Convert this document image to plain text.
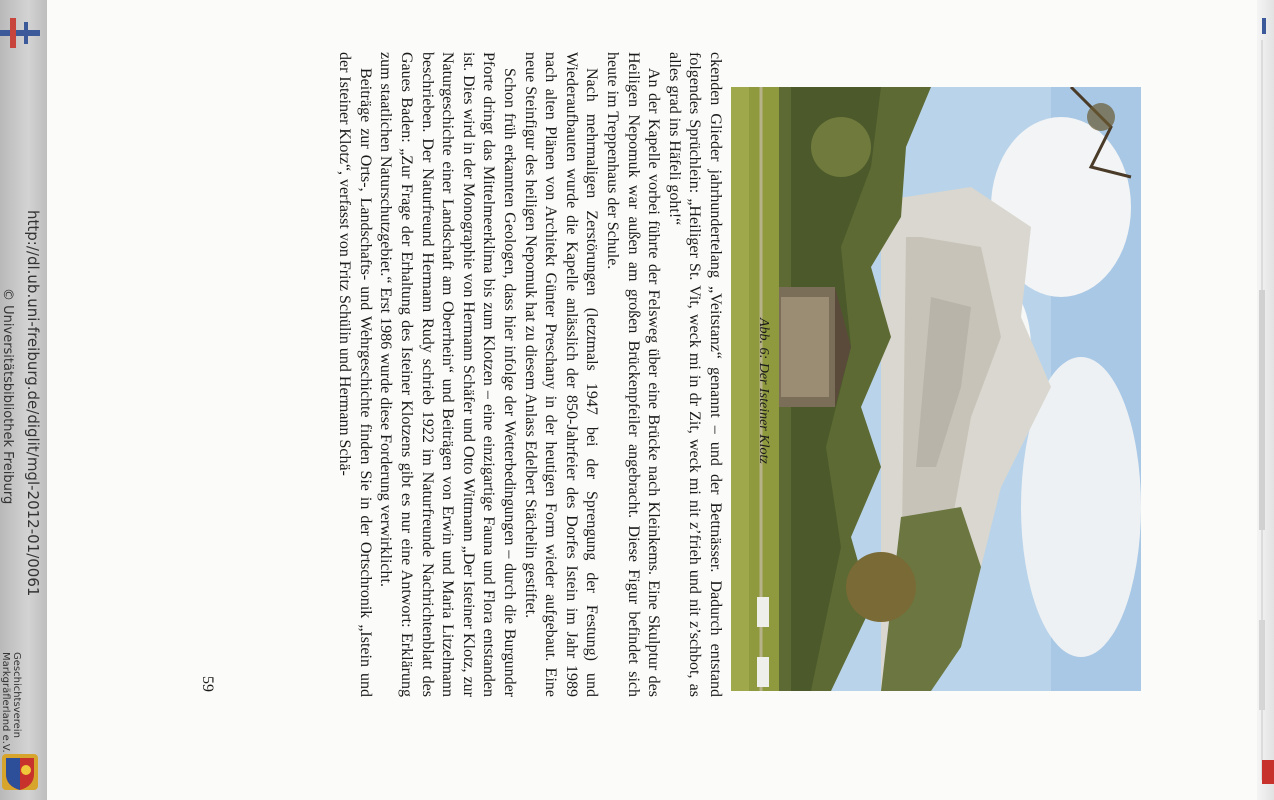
Abb. 6: Der Isteiner Klotz

ckenden Glieder jahrhundertelang „Veitstanz“ genannt – und der Bettnässer. Dadurch entstand folgendes Sprüchlein: „Heiliger St. Vit, weck mi in dr Zit, weck mi nit z’frieh und nit z’schbot, as alles grad ins Häfeli goht!“

An der Kapelle vorbei führte der Felsweg über eine Brücke nach Kleinkems. Eine Skulptur des Heiligen Nepomuk war außen am großen Brückenpfeiler angebracht. Diese Figur befindet sich heute im Treppenhaus der Schule.

Nach mehrmaligen Zerstörungen (letztmals 1947 bei der Sprengung der Festung) und Wiederaufbauten wurde die Kapelle anlässlich der 850-Jahrfeier des Dorfes Istein im Jahr 1989 nach alten Plänen von Architekt Günter Preschany in der heutigen Form wieder aufgebaut. Eine neue Steinfigur des heiligen Nepomuk hat zu diesem Anlass Edelbert Stächelin gestiftet.

Schon früh erkannten Geologen, dass hier infolge der Wetterbedingungen – durch die Burgunder Pforte dringt das Mittelmeerklima bis zum Klotzen – eine einzigartige Fauna und Flora entstanden ist. Dies wird in der Monographie von Hermann Schäfer und Otto Wittmann „Der Isteiner Klotz, zur Naturgeschichte einer Landschaft am Oberrhein“ und Beiträgen von Erwin und Maria Litzelmann beschrieben. Der Naturfreund Hermann Rudy schrieb 1922 im Naturfreunde Nachrichtenblatt des Gaues Baden: „Zur Frage der Erhaltung des Isteiner Klotzens gibt es nur eine Antwort: Erklärung zum staatlichen Naturschutzgebiet.“ Erst 1986 wurde diese Forderung verwirklicht.

Beiträge zur Orts-, Landschafts- und Wehrgeschichte finden Sie in der Ortschronik „Istein und der Isteiner Klotz“, verfasst von Fritz Schülin und Hermann Schä-

59
http://dl.ub.uni-freiburg.de/diglit/mgl-2012-01/0061
© Universitätsbibliothek Freiburg
Geschichtsverein
Markgräflerland e.V.
